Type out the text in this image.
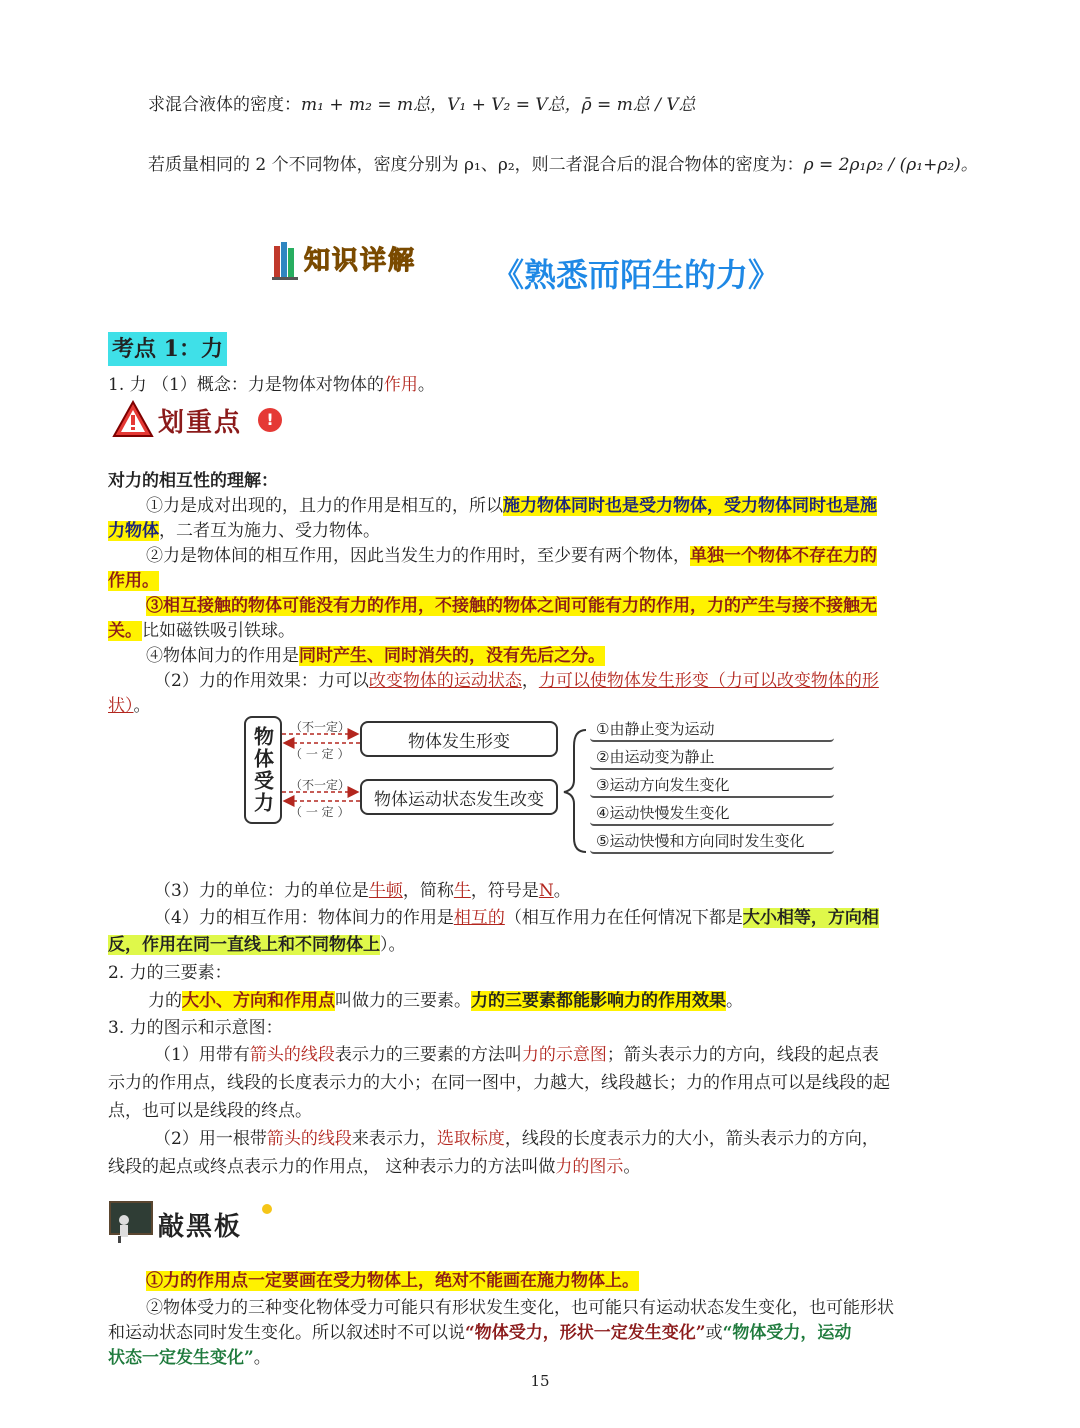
求混合液体的密度：m₁ + m₂ = m总，V₁ + V₂ = V总，ρ̄ = m总 / V总
若质量相同的 2 个不同物体，密度分别为 ρ₁、ρ₂，则二者混合后的混合物体的密度为：ρ = 2ρ₁ρ₂ / (ρ₁+ρ₂)。
知识详解 《熟悉而陌生的力》
考点 1：力
1. 力 （1）概念：力是物体对物体的作用。
划重点	!
对力的相互性的理解：
①力是成对出现的，且力的作用是相互的，所以施力物体同时也是受力物体，受力物体同时也是施
力物体，二者互为施力、受力物体。
②力是物体间的相互作用，因此当发生力的作用时，至少要有两个物体，单独一个物体不存在力的
作用。
③相互接触的物体可能没有力的作用，不接触的物体之间可能有力的作用，力的产生与接不接触无
关。比如磁铁吸引铁球。
④物体间力的作用是同时产生、同时消失的，没有先后之分。
（2）力的作用效果：力可以改变物体的运动状态，力可以使物体发生形变（力可以改变物体的形
状）。
物体受力	（不一定）
（ 一 定 ）
（不一定）
（ 一 定 ）
物体发生形变
物体运动状态发生改变
①由静止变为运动
②由运动变为静止
③运动方向发生变化
④运动快慢发生变化
⑤运动快慢和方向同时发生变化
（3）力的单位：力的单位是牛顿，简称牛，符号是N。
（4）力的相互作用：物体间力的作用是相互的（相互作用力在任何情况下都是大小相等，方向相
反，作用在同一直线上和不同物体上）。
2. 力的三要素：
力的大小、方向和作用点叫做力的三要素。力的三要素都能影响力的作用效果。
3. 力的图示和示意图：
（1）用带有箭头的线段表示力的三要素的方法叫力的示意图；箭头表示力的方向，线段的起点表
示力的作用点，线段的长度表示力的大小；在同一图中，力越大，线段越长；力的作用点可以是线段的起
点，也可以是线段的终点。
（2）用一根带箭头的线段来表示力，选取标度，线段的长度表示力的大小，箭头表示力的方向，
线段的起点或终点表示力的作用点， 这种表示力的方法叫做力的图示。
敲黑板
①力的作用点一定要画在受力物体上，绝对不能画在施力物体上。
②物体受力的三种变化物体受力可能只有形状发生变化，也可能只有运动状态发生变化，也可能形状
和运动状态同时发生变化。所以叙述时不可以说“物体受力，形状一定发生变化”或“物体受力，运动
状态一定发生变化”。
15
